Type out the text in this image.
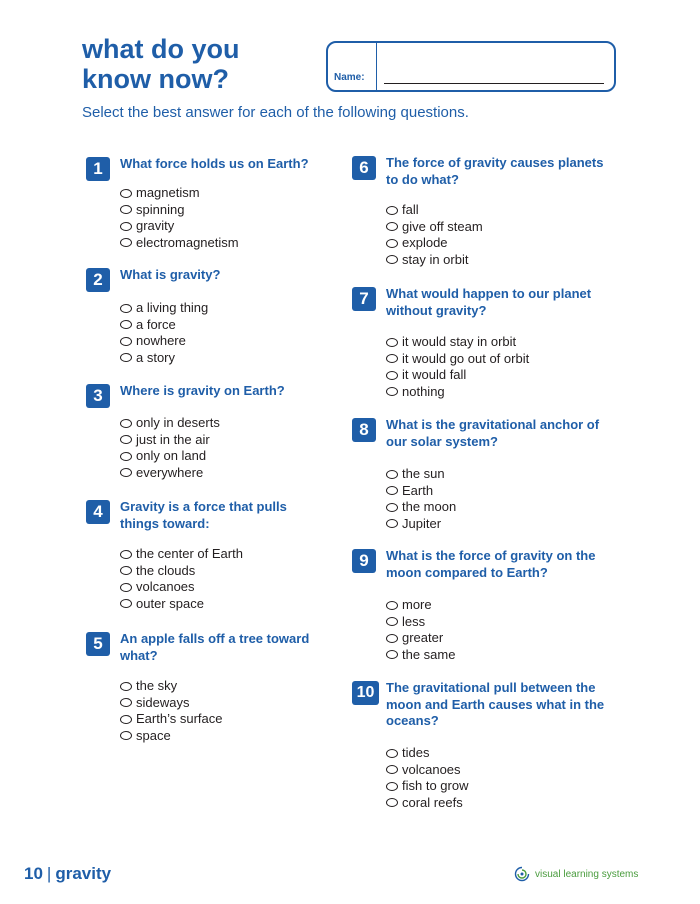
what do you
know now?	Name:
Select the best answer for each of the following questions.
1	What force holds us on Earth?
magnetism
spinning
gravity
electromagnetism
2	What is gravity?
a living thing
a force
nowhere
a story
3	Where is gravity on Earth?
only in deserts
just in the air
only on land
everywhere
4	Gravity is a force that pulls things toward:
the center of Earth
the clouds
volcanoes
outer space
5	An apple falls off a tree toward what?
the sky
sideways
Earth’s surface
space
6	The force of gravity causes planets to do what?
fall
give off steam
explode
stay in orbit
7	What would happen to our planet without gravity?
it would stay in orbit
it would go out of orbit
it would fall
nothing
8	What is the gravitational anchor of our solar system?
the sun
Earth
the moon
Jupiter
9	What is the force of gravity on the moon compared to Earth?
more
less
greater
the same
10 The gravitational pull between the moon and Earth causes what in the oceans?
tides
volcanoes
fish to grow
coral reefs
10 | gravity	visual learning systems
